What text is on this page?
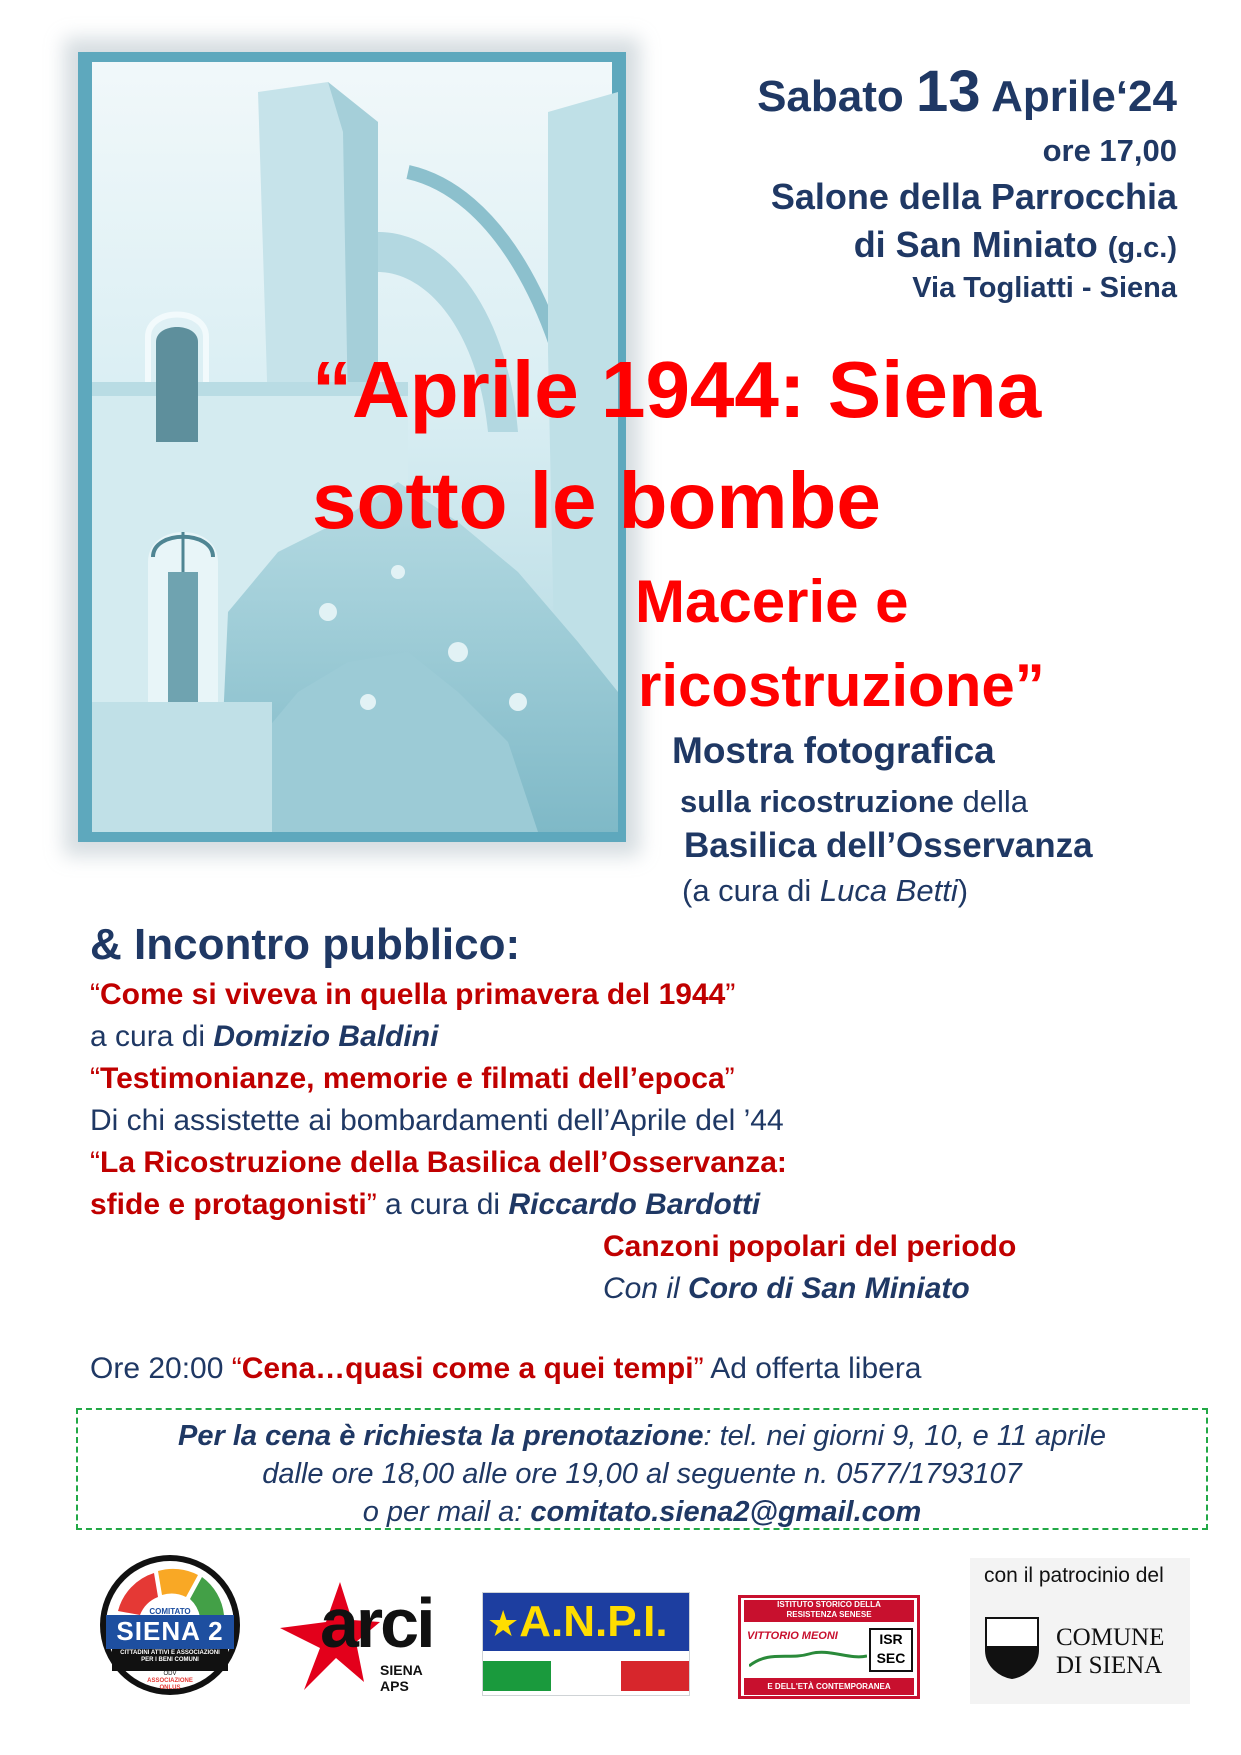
Sabato 13 Aprile‘24
ore 17,00
Salone della Parrocchia
di San Miniato (g.c.)
Via Togliatti - Siena
“Aprile 1944: Siena
sotto le bombe
Macerie e
ricostruzione”
Mostra fotografica
sulla ricostruzione della
Basilica dell’Osservanza
(a cura di Luca Betti)
& Incontro pubblico:
“Come si viveva in quella primavera del 1944”
a cura di Domizio Baldini
“Testimonianze, memorie e filmati dell’epoca”
Di chi assistette ai bombardamenti dell’Aprile del ’44
“La Ricostruzione della Basilica dell’Osservanza:
sfide e protagonisti” a cura di Riccardo Bardotti
Canzoni popolari del periodo
Con il Coro di San Miniato
Ore 20:00 “Cena…quasi come a quei tempi” Ad offerta libera
Per la cena è richiesta la prenotazione: tel. nei giorni 9, 10, e 11 aprile
dalle ore 18,00 alle ore 19,00 al seguente n. 0577/1793107
o per mail a: comitato.siena2@gmail.com
COMITATO
SIENA 2
CITTADINI ATTIVI E ASSOCIAZIONI
PER I BENI COMUNI
ODV
ASSOCIAZIONE
ONLUS
arci
SIENA APS
★A.N.P.I.	ISTITUTO STORICO DELLA
RESISTENZA SENESE
VITTORIO MEONI	ISR
SEC
E DELL'ETÀ CONTEMPORANEA
con il patrocinio del
COMUNE
DI SIENA
